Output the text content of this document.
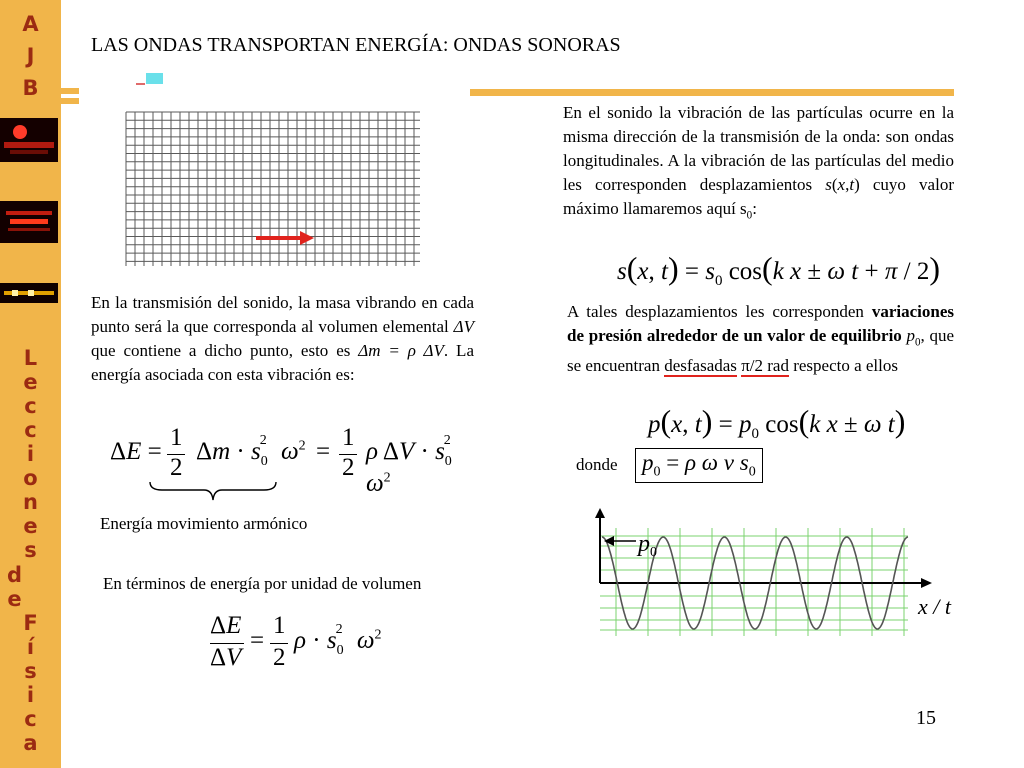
A
J
B
L
e
c
c
i
o
n
e
s
d
e
F
í
s
i
c
a
LAS ONDAS TRANSPORTAN ENERGÍA: ONDAS SONORAS
En la transmisión del sonido, la masa vibrando en cada punto será la que corresponda al volumen elemental ΔV que contiene a dicho punto, esto es Δm = ρ ΔV. La energía asociada con esta vibración es:
ΔE =
1
2
$\Delta m \cdot s_0^2$ $\omega^2$ =
1
2
ρ $\Delta V \cdot s_0^2$ $\omega^2$
Energía movimiento armónico
En términos de energía por unidad de volumen
ΔE
ΔV
=
1
2
$\rho \cdot s_0^2$ $\omega^2$
En el sonido la vibración de las partículas ocurre en la misma dirección de la transmisión de la onda: son ondas longitudinales. A la vibración de las partículas del medio les corresponden desplazamientos s(x,t) cuyo valor máximo llamaremos aquí $s_0$:
s(x, $t) = s_0$ cos(k x ± ω t + π / 2)
A tales desplazamientos les corresponden variaciones de presión alrededor de un valor de equilibrio $p_0$, que se encuentran desfasadas π/2 rad respecto a ellos
p(x, $t) = p_0$ cos(k x ± ω t)
donde	$p_0 = \rho$ ω v $s_0$
$p_0$
x / t
15
